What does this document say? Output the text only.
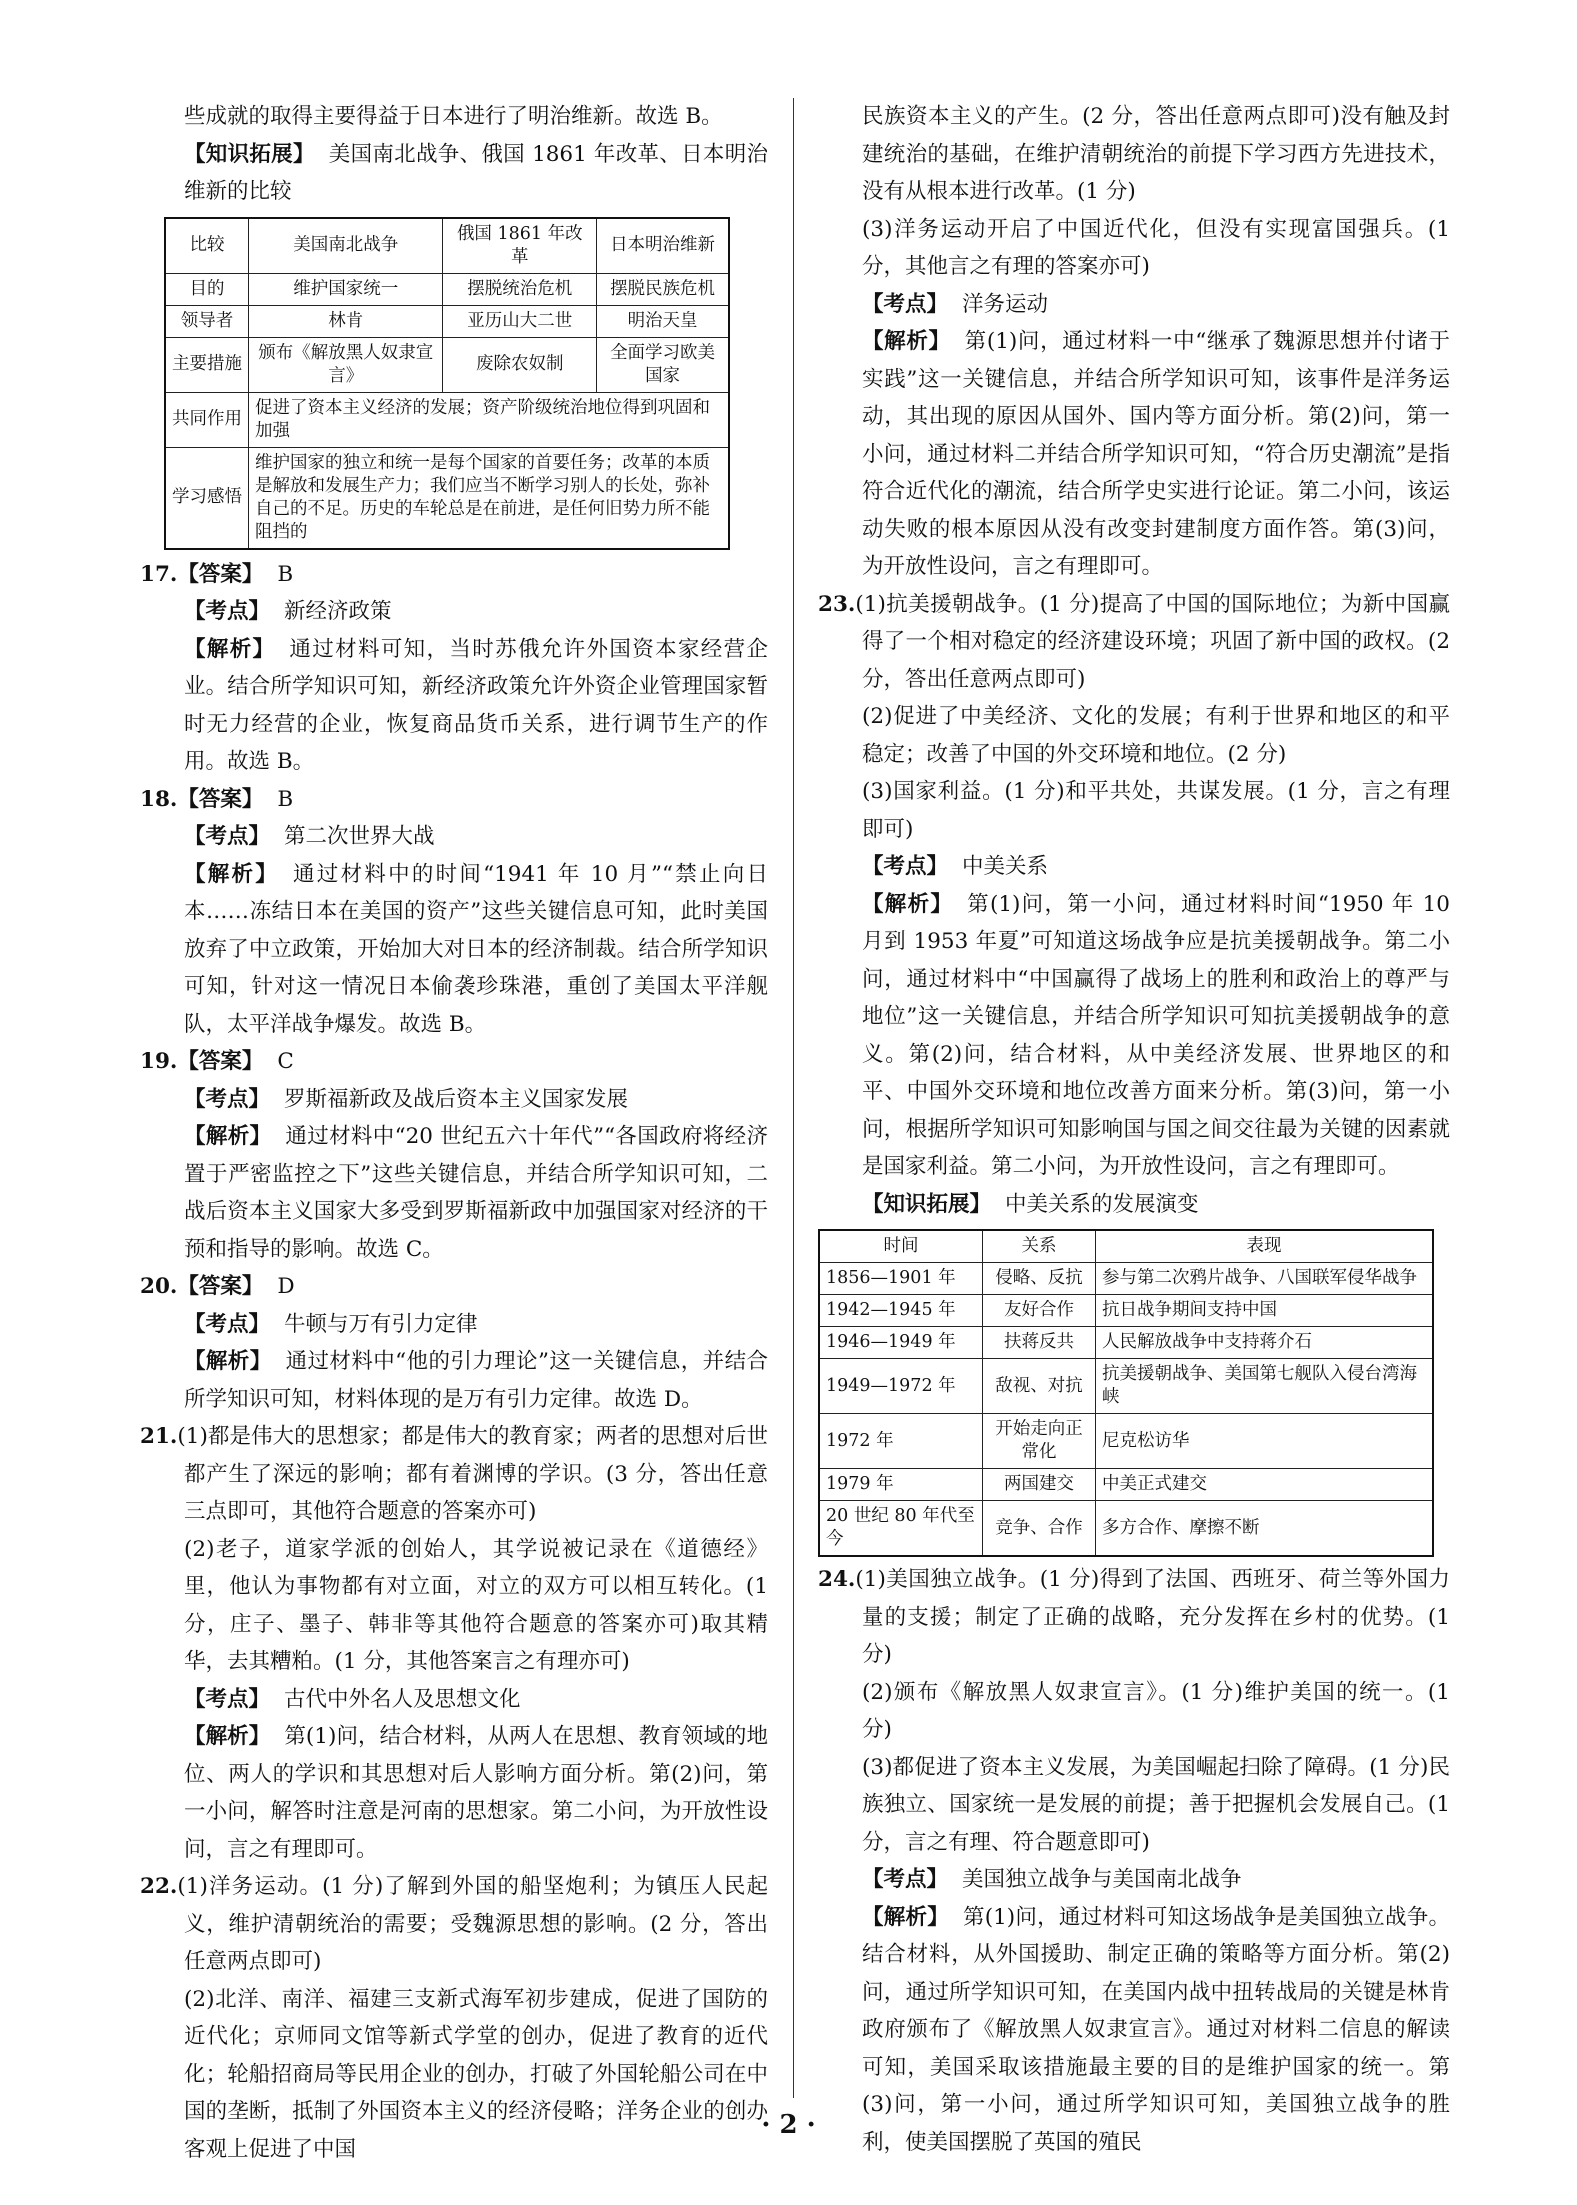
些成就的取得主要得益于日本进行了明治维新。故选 B。

【知识拓展】 美国南北战争、俄国 1861 年改革、日本明治维新的比较

比较	美国南北战争	俄国 1861 年改革	日本明治维新
目的	维护国家统一	摆脱统治危机	摆脱民族危机
领导者	林肯	亚历山大二世	明治天皇
主要措施	颁布《解放黑人奴隶宣言》	废除农奴制	全面学习欧美国家
共同作用	促进了资本主义经济的发展；资产阶级统治地位得到巩固和加强		
学习感悟	维护国家的独立和统一是每个国家的首要任务；改革的本质是解放和发展生产力；我们应当不断学习别人的长处，弥补自己的不足。历史的车轮总是在前进，是任何旧势力所不能阻挡的		

17.【答案】 B

【考点】 新经济政策

【解析】 通过材料可知，当时苏俄允许外国资本家经营企业。结合所学知识可知，新经济政策允许外资企业管理国家暂时无力经营的企业，恢复商品货币关系，进行调节生产的作用。故选 B。

18.【答案】 B

【考点】 第二次世界大战

【解析】 通过材料中的时间“1941 年 10 月”“禁止向日本……冻结日本在美国的资产”这些关键信息可知，此时美国放弃了中立政策，开始加大对日本的经济制裁。结合所学知识可知，针对这一情况日本偷袭珍珠港，重创了美国太平洋舰队，太平洋战争爆发。故选 B。

19.【答案】 C

【考点】 罗斯福新政及战后资本主义国家发展

【解析】 通过材料中“20 世纪五六十年代”“各国政府将经济置于严密监控之下”这些关键信息，并结合所学知识可知，二战后资本主义国家大多受到罗斯福新政中加强国家对经济的干预和指导的影响。故选 C。

20.【答案】 D

【考点】 牛顿与万有引力定律

【解析】 通过材料中“他的引力理论”这一关键信息，并结合所学知识可知，材料体现的是万有引力定律。故选 D。

21.(1)都是伟大的思想家；都是伟大的教育家；两者的思想对后世都产生了深远的影响；都有着渊博的学识。(3 分，答出任意三点即可，其他符合题意的答案亦可)

(2)老子，道家学派的创始人，其学说被记录在《道德经》里，他认为事物都有对立面，对立的双方可以相互转化。(1 分，庄子、墨子、韩非等其他符合题意的答案亦可)取其精华，去其糟粕。(1 分，其他答案言之有理亦可)

【考点】 古代中外名人及思想文化

【解析】 第(1)问，结合材料，从两人在思想、教育领域的地位、两人的学识和其思想对后人影响方面分析。第(2)问，第一小问，解答时注意是河南的思想家。第二小问，为开放性设问，言之有理即可。

22.(1)洋务运动。(1 分)了解到外国的船坚炮利；为镇压人民起义，维护清朝统治的需要；受魏源思想的影响。(2 分，答出任意两点即可)

(2)北洋、南洋、福建三支新式海军初步建成，促进了国防的近代化；京师同文馆等新式学堂的创办，促进了教育的近代化；轮船招商局等民用企业的创办，打破了外国轮船公司在中国的垄断，抵制了外国资本主义的经济侵略；洋务企业的创办客观上促进了中国

民族资本主义的产生。(2 分，答出任意两点即可)没有触及封建统治的基础，在维护清朝统治的前提下学习西方先进技术，没有从根本进行改革。(1 分)

(3)洋务运动开启了中国近代化，但没有实现富国强兵。(1 分，其他言之有理的答案亦可)

【考点】 洋务运动

【解析】 第(1)问，通过材料一中“继承了魏源思想并付诸于实践”这一关键信息，并结合所学知识可知，该事件是洋务运动，其出现的原因从国外、国内等方面分析。第(2)问，第一小问，通过材料二并结合所学知识可知，“符合历史潮流”是指符合近代化的潮流，结合所学史实进行论证。第二小问，该运动失败的根本原因从没有改变封建制度方面作答。第(3)问，为开放性设问，言之有理即可。

23.(1)抗美援朝战争。(1 分)提高了中国的国际地位；为新中国赢得了一个相对稳定的经济建设环境；巩固了新中国的政权。(2 分，答出任意两点即可)

(2)促进了中美经济、文化的发展；有利于世界和地区的和平稳定；改善了中国的外交环境和地位。(2 分)

(3)国家利益。(1 分)和平共处，共谋发展。(1 分，言之有理即可)

【考点】 中美关系

【解析】 第(1)问，第一小问，通过材料时间“1950 年 10 月到 1953 年夏”可知道这场战争应是抗美援朝战争。第二小问，通过材料中“中国赢得了战场上的胜利和政治上的尊严与地位”这一关键信息，并结合所学知识可知抗美援朝战争的意义。第(2)问，结合材料，从中美经济发展、世界地区的和平、中国外交环境和地位改善方面来分析。第(3)问，第一小问，根据所学知识可知影响国与国之间交往最为关键的因素就是国家利益。第二小问，为开放性设问，言之有理即可。

【知识拓展】 中美关系的发展演变

时间	关系	表现
1856—1901 年	侵略、反抗	参与第二次鸦片战争、八国联军侵华战争
1942—1945 年	友好合作	抗日战争期间支持中国
1946—1949 年	扶蒋反共	人民解放战争中支持蒋介石
1949—1972 年	敌视、对抗	抗美援朝战争、美国第七舰队入侵台湾海峡
1972 年	开始走向正常化	尼克松访华
1979 年	两国建交	中美正式建交
20 世纪 80 年代至今	竞争、合作	多方合作、摩擦不断

24.(1)美国独立战争。(1 分)得到了法国、西班牙、荷兰等外国力量的支援；制定了正确的战略，充分发挥在乡村的优势。(1 分)

(2)颁布《解放黑人奴隶宣言》。(1 分)维护美国的统一。(1 分)

(3)都促进了资本主义发展，为美国崛起扫除了障碍。(1 分)民族独立、国家统一是发展的前提；善于把握机会发展自己。(1 分，言之有理、符合题意即可)

【考点】 美国独立战争与美国南北战争

【解析】 第(1)问，通过材料可知这场战争是美国独立战争。结合材料，从外国援助、制定正确的策略等方面分析。第(2)问，通过所学知识可知，在美国内战中扭转战局的关键是林肯政府颁布了《解放黑人奴隶宣言》。通过对材料二信息的解读可知，美国采取该措施最主要的目的是维护国家的统一。第(3)问，第一小问，通过所学知识可知，美国独立战争的胜利，使美国摆脱了英国的殖民

· 2 ·
